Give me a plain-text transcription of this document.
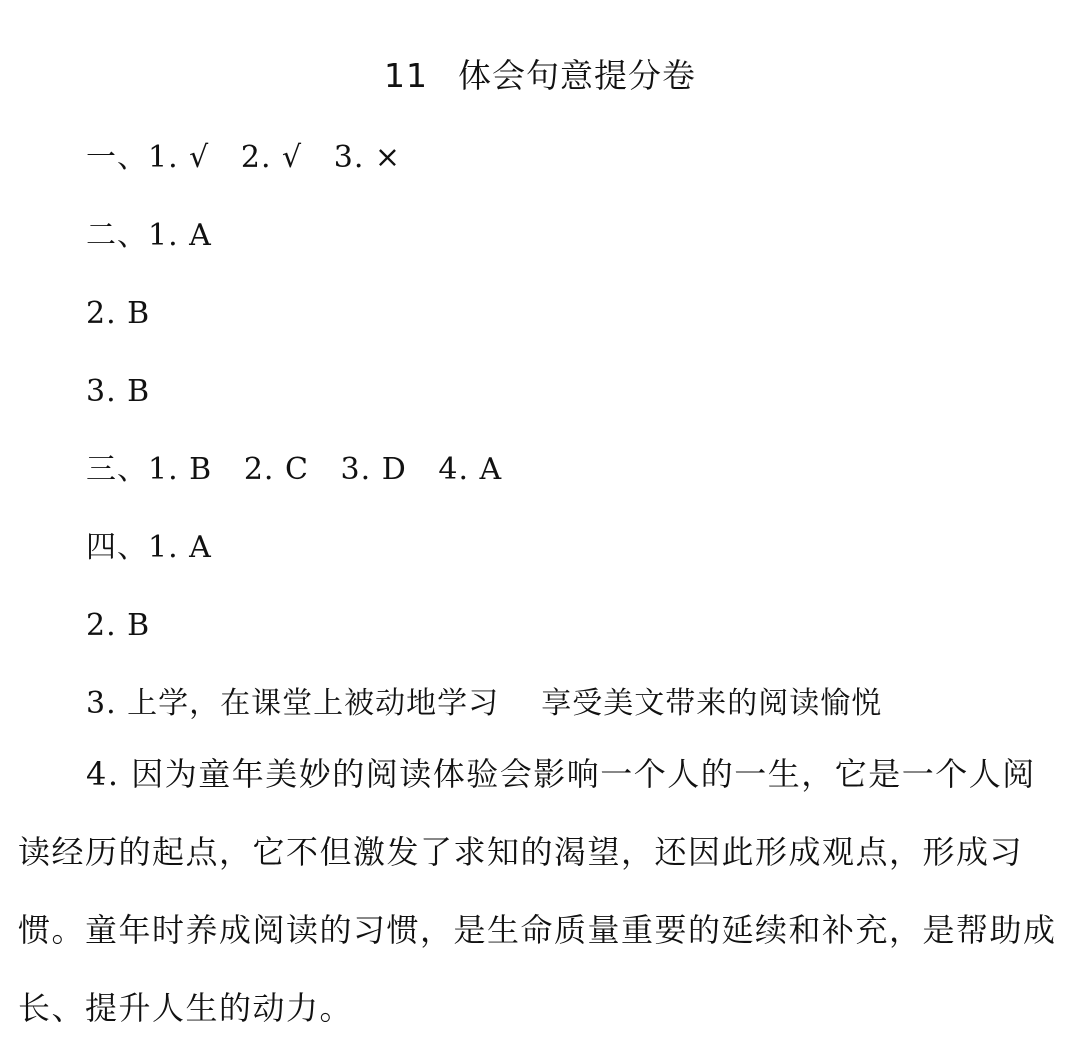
11 体会句意提分卷
一、1. √   2. √   3. ×
二、1. A
2. B
3. B
三、1. B   2. C   3. D   4. A
四、1. A
2. B
3. 上学，在课堂上被动地学习    享受美文带来的阅读愉悦
4. 因为童年美妙的阅读体验会影响一个人的一生，它是一个人阅读经历的起点，它不但激发了求知的渴望，还因此形成观点，形成习惯。童年时养成阅读的习惯，是生命质量重要的延续和补充，是帮助成长、提升人生的动力。
